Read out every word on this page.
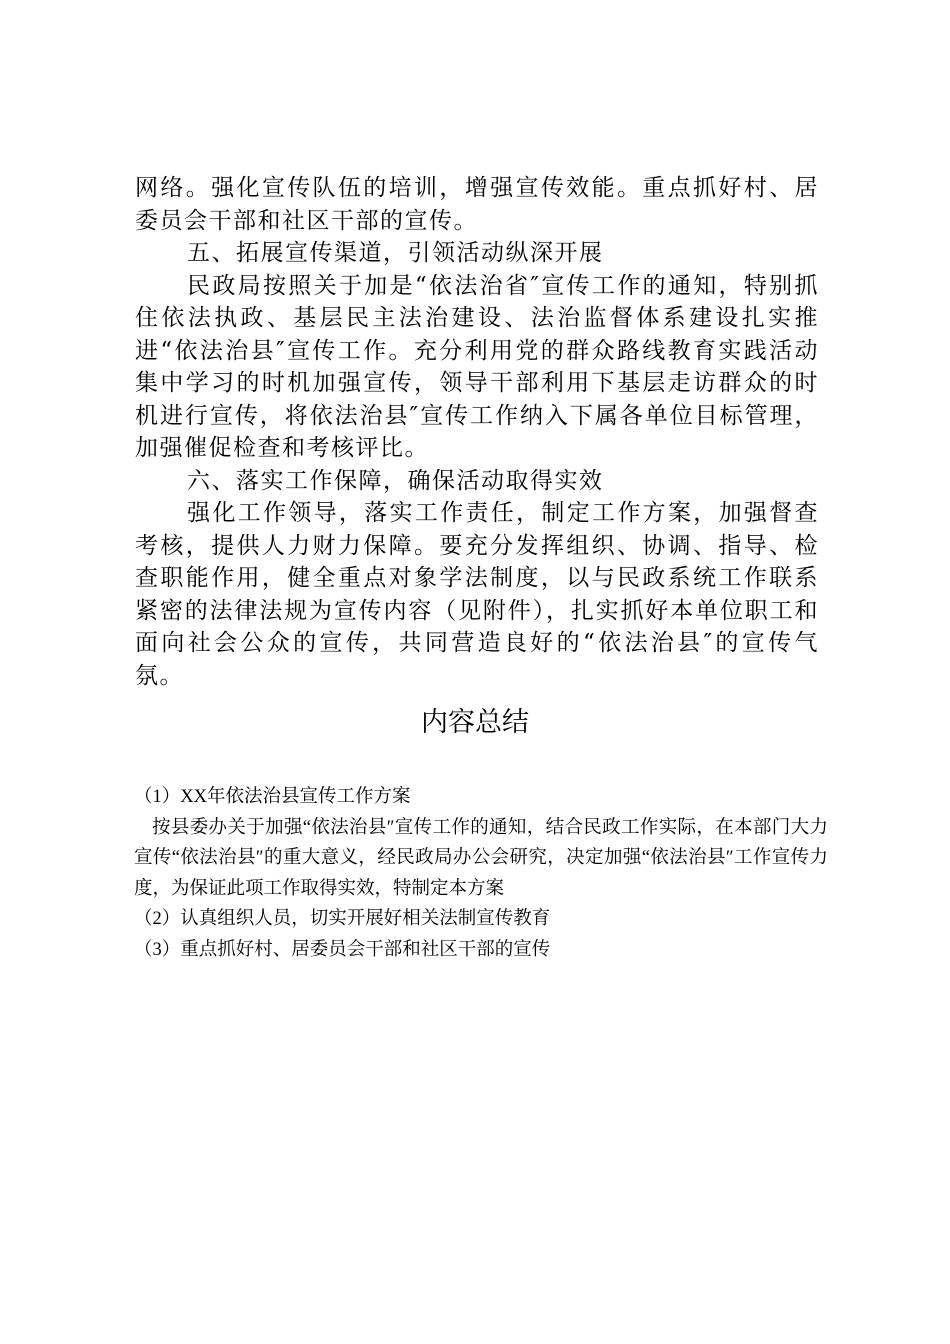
网络。强化宣传队伍的培训，增强宣传效能。重点抓好村、居委员会干部和社区干部的宣传。

五、拓展宣传渠道，引领活动纵深开展

民政局按照关于加是“依法治省″宣传工作的通知，特别抓住依法执政、基层民主法治建设、法治监督体系建设扎实推进“依法治县″宣传工作。充分利用党的群众路线教育实践活动集中学习的时机加强宣传，领导干部利用下基层走访群众的时机进行宣传，将依法治县″宣传工作纳入下属各单位目标管理，加强催促检查和考核评比。

六、落实工作保障，确保活动取得实效

强化工作领导，落实工作责任，制定工作方案，加强督查考核，提供人力财力保障。要充分发挥组织、协调、指导、检查职能作用，健全重点对象学法制度，以与民政系统工作联系紧密的法律法规为宣传内容（见附件），扎实抓好本单位职工和面向社会公众的宣传，共同营造良好的“依法治县″的宣传气氛。

内容总结

（1）XX年依法治县宣传工作方案

按县委办关于加强“依法治县″宣传工作的通知，结合民政工作实际，在本部门大力宣传“依法治县″的重大意义，经民政局办公会研究，决定加强“依法治县″工作宣传力度，为保证此项工作取得实效，特制定本方案

（2）认真组织人员，切实开展好相关法制宣传教育

（3）重点抓好村、居委员会干部和社区干部的宣传
